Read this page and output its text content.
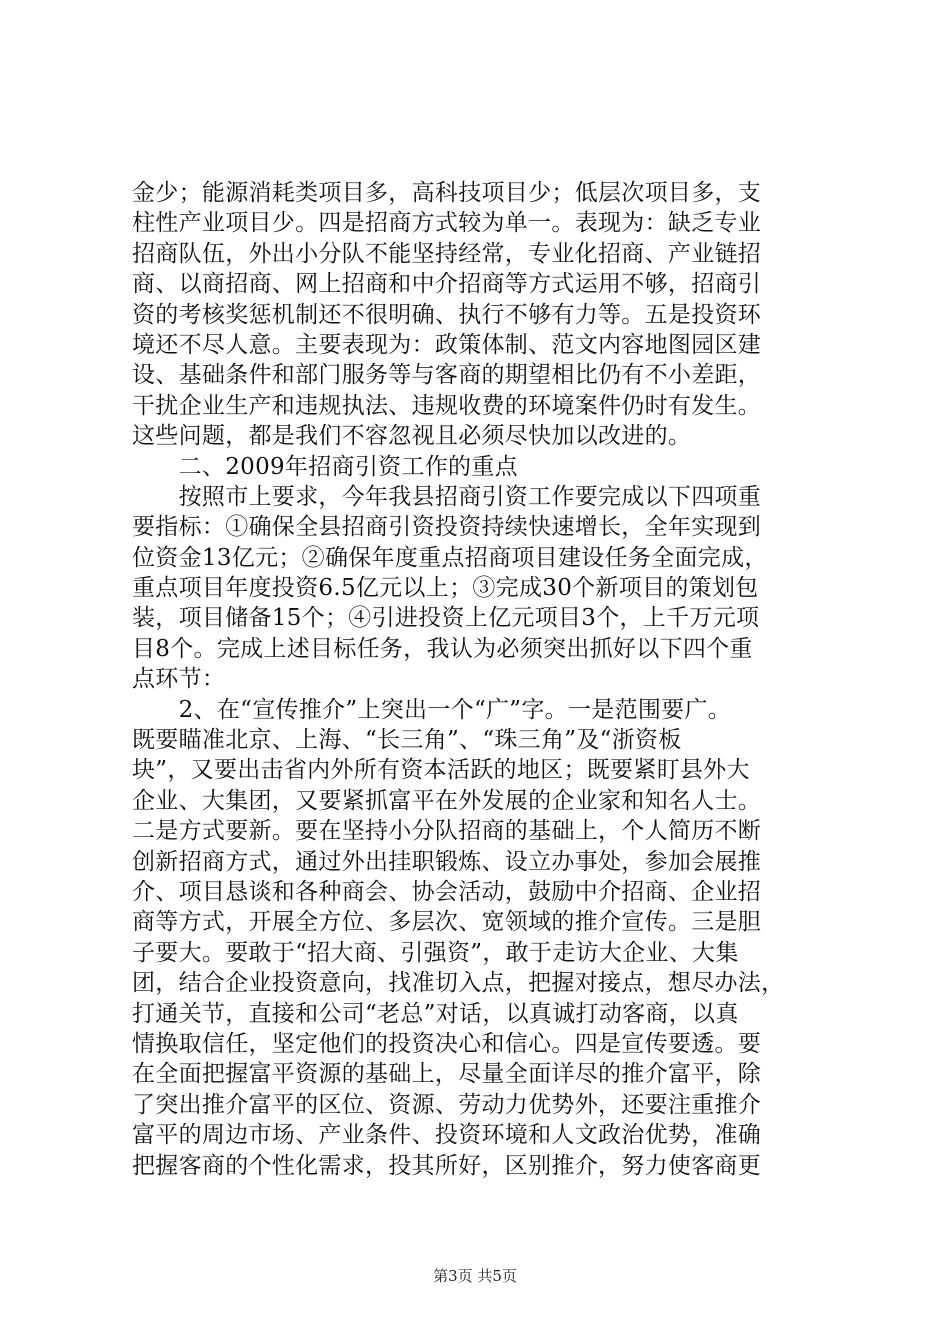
金少；能源消耗类项目多，高科技项目少；低层次项目多，支
柱性产业项目少。四是招商方式较为单一。表现为：缺乏专业
招商队伍，外出小分队不能坚持经常，专业化招商、产业链招
商、以商招商、网上招商和中介招商等方式运用不够，招商引
资的考核奖惩机制还不很明确、执行不够有力等。五是投资环
境还不尽人意。主要表现为：政策体制、范文内容地图园区建
设、基础条件和部门服务等与客商的期望相比仍有不小差距，
干扰企业生产和违规执法、违规收费的环境案件仍时有发生。
这些问题，都是我们不容忽视且必须尽快加以改进的。
　　二、2009年招商引资工作的重点
　　按照市上要求，今年我县招商引资工作要完成以下四项重
要指标：①确保全县招商引资投资持续快速增长，全年实现到
位资金13亿元；②确保年度重点招商项目建设任务全面完成，
重点项目年度投资6.5亿元以上；③完成30个新项目的策划包
装，项目储备15个；④引进投资上亿元项目3个，上千万元项
目8个。完成上述目标任务，我认为必须突出抓好以下四个重
点环节：
　　2、在“宣传推介”上突出一个“广”字。一是范围要广。
既要瞄准北京、上海、“长三角”、“珠三角”及“浙资板
块”，又要出击省内外所有资本活跃的地区；既要紧盯县外大
企业、大集团，又要紧抓富平在外发展的企业家和知名人士。
二是方式要新。要在坚持小分队招商的基础上，个人简历不断
创新招商方式，通过外出挂职锻炼、设立办事处，参加会展推
介、项目恳谈和各种商会、协会活动，鼓励中介招商、企业招
商等方式，开展全方位、多层次、宽领域的推介宣传。三是胆
子要大。要敢于“招大商、引强资”，敢于走访大企业、大集
团，结合企业投资意向，找准切入点，把握对接点，想尽办法，
打通关节，直接和公司“老总”对话，以真诚打动客商，以真
情换取信任，坚定他们的投资决心和信心。四是宣传要透。要
在全面把握富平资源的基础上，尽量全面详尽的推介富平，除
了突出推介富平的区位、资源、劳动力优势外，还要注重推介
富平的周边市场、产业条件、投资环境和人文政治优势，准确
把握客商的个性化需求，投其所好，区别推介，努力使客商更
第3页 共5页
